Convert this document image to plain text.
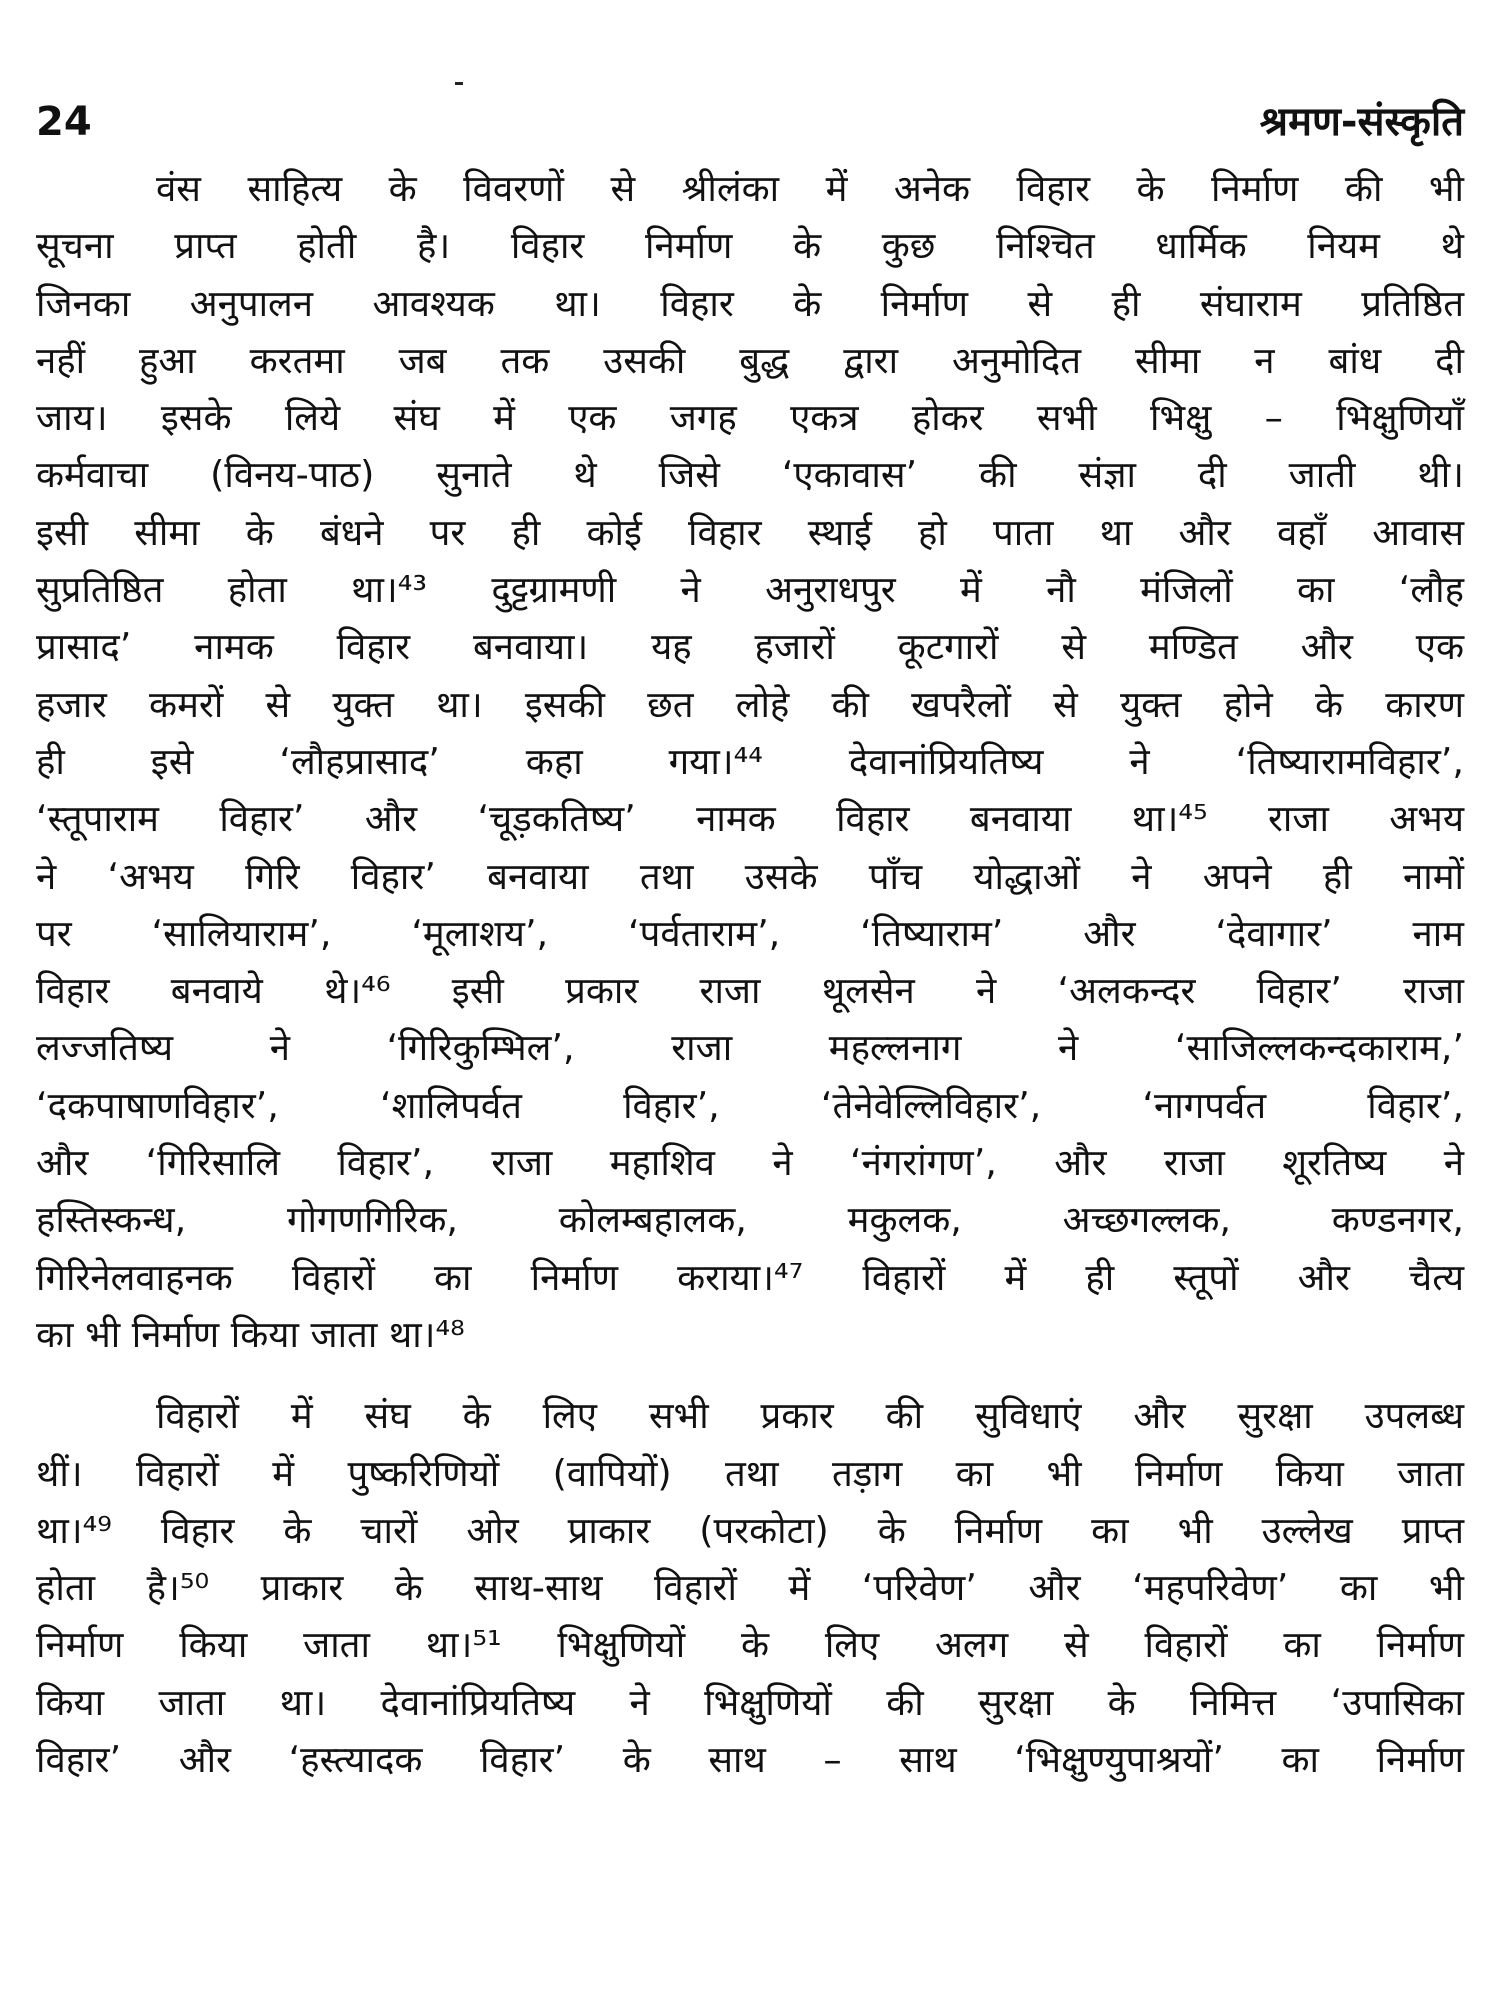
24	श्रमण-संस्कृति

वंस साहित्य के विवरणों से श्रीलंका में अनेक विहार के निर्माण की भी
सूचना प्राप्त होती है। विहार निर्माण के कुछ निश्चित धार्मिक नियम थे
जिनका अनुपालन आवश्यक था। विहार के निर्माण से ही संघाराम प्रतिष्ठित
नहीं हुआ करतमा जब तक उसकी बुद्ध द्वारा अनुमोदित सीमा न बांध दी
जाय। इसके लिये संघ में एक जगह एकत्र होकर सभी भिक्षु – भिक्षुणियाँ
कर्मवाचा (विनय-पाठ) सुनाते थे जिसे ‘एकावास’ की संज्ञा दी जाती थी।
इसी सीमा के बंधने पर ही कोई विहार स्थाई हो पाता था और वहाँ आवास
सुप्रतिष्ठित होता था।⁴³ दुट्टग्रामणी ने अनुराधपुर में नौ मंजिलों का ‘लौह
प्रासाद’ नामक विहार बनवाया। यह हजारों कूटगारों से मण्डित और एक
हजार कमरों से युक्त था। इसकी छत लोहे की खपरैलों से युक्त होने के कारण
ही इसे ‘लौहप्रासाद’ कहा गया।⁴⁴ देवानांप्रियतिष्य ने ‘तिष्यारामविहार’,
‘स्तूपाराम विहार’ और ‘चूड़कतिष्य’ नामक विहार बनवाया था।⁴⁵ राजा अभय
ने ‘अभय गिरि विहार’ बनवाया तथा उसके पाँच योद्धाओं ने अपने ही नामों
पर ‘सालियाराम’, ‘मूलाशय’, ‘पर्वताराम’, ‘तिष्याराम’ और ‘देवागार’ नाम
विहार बनवाये थे।⁴⁶ इसी प्रकार राजा थूलसेन ने ‘अलकन्दर विहार’ राजा
लज्जतिष्य ने ‘गिरिकुम्भिल’, राजा महल्लनाग ने ‘साजिल्लकन्दकाराम,’
‘दकपाषाणविहार’, ‘शालिपर्वत विहार’, ‘तेनेवेल्लिविहार’, ‘नागपर्वत विहार’,
और ‘गिरिसालि विहार’, राजा महाशिव ने ‘नंगरांगण’, और राजा शूरतिष्य ने
हस्तिस्कन्ध, गोगणगिरिक, कोलम्बहालक, मकुलक, अच्छगल्लक, कण्डनगर,
गिरिनेलवाहनक विहारों का निर्माण कराया।⁴⁷ विहारों में ही स्तूपों और चैत्य
का भी निर्माण किया जाता था।⁴⁸

विहारों में संघ के लिए सभी प्रकार की सुविधाएं और सुरक्षा उपलब्ध
थीं। विहारों में पुष्करिणियों (वापियों) तथा तड़ाग का भी निर्माण किया जाता
था।⁴⁹ विहार के चारों ओर प्राकार (परकोटा) के निर्माण का भी उल्लेख प्राप्त
होता है।⁵⁰ प्राकार के साथ-साथ विहारों में ‘परिवेण’ और ‘महपरिवेण’ का भी
निर्माण किया जाता था।⁵¹ भिक्षुणियों के लिए अलग से विहारों का निर्माण
किया जाता था। देवानांप्रियतिष्य ने भिक्षुणियों की सुरक्षा के निमित्त ‘उपासिका
विहार’ और ‘हस्त्यादक विहार’ के साथ – साथ ‘भिक्षुण्युपाश्रयों’ का निर्माण
